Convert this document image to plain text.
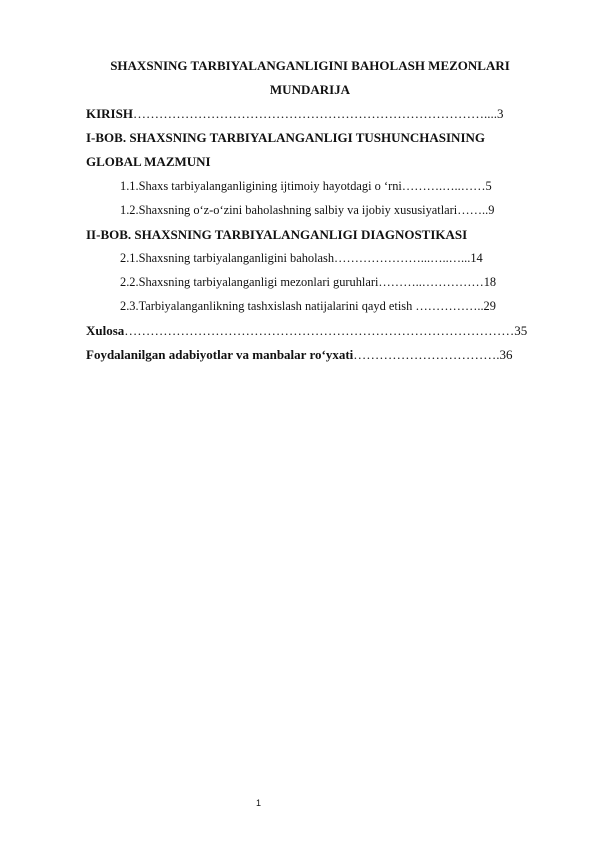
SHAXSNING TARBIYALANGANLIGINI BAHOLASH MEZONLARI
MUNDARIJA
KIRISH………………………………………………………………………....3
I-BOB. SHAXSNING TARBIYALANGANLIGI TUSHUNCHASINING
GLOBAL MAZMUNI
1.1.Shaxs tarbiyalanganligining ijtimoiy hayotdagi o ‘rni……….…..……5
1.2.Shaxsning o‘z-o‘zini baholashning salbiy va ijobiy xususiyatlari……..9
II-BOB. SHAXSNING TARBIYALANGANLIGI DIAGNOSTIKASI
2.1.Shaxsning tarbiyalanganligini baholash…………………...…..…...14
2.2.Shaxsning tarbiyalanganligi mezonlari guruhlari………..……………18
2.3.Tarbiyalanganlikning tashxislash natijalarini qayd etish ……………..29
Xulosa………………………………………………………………………………35
Foydalanilgan adabiyotlar va manbalar ro‘yxati…………………………….36
1
